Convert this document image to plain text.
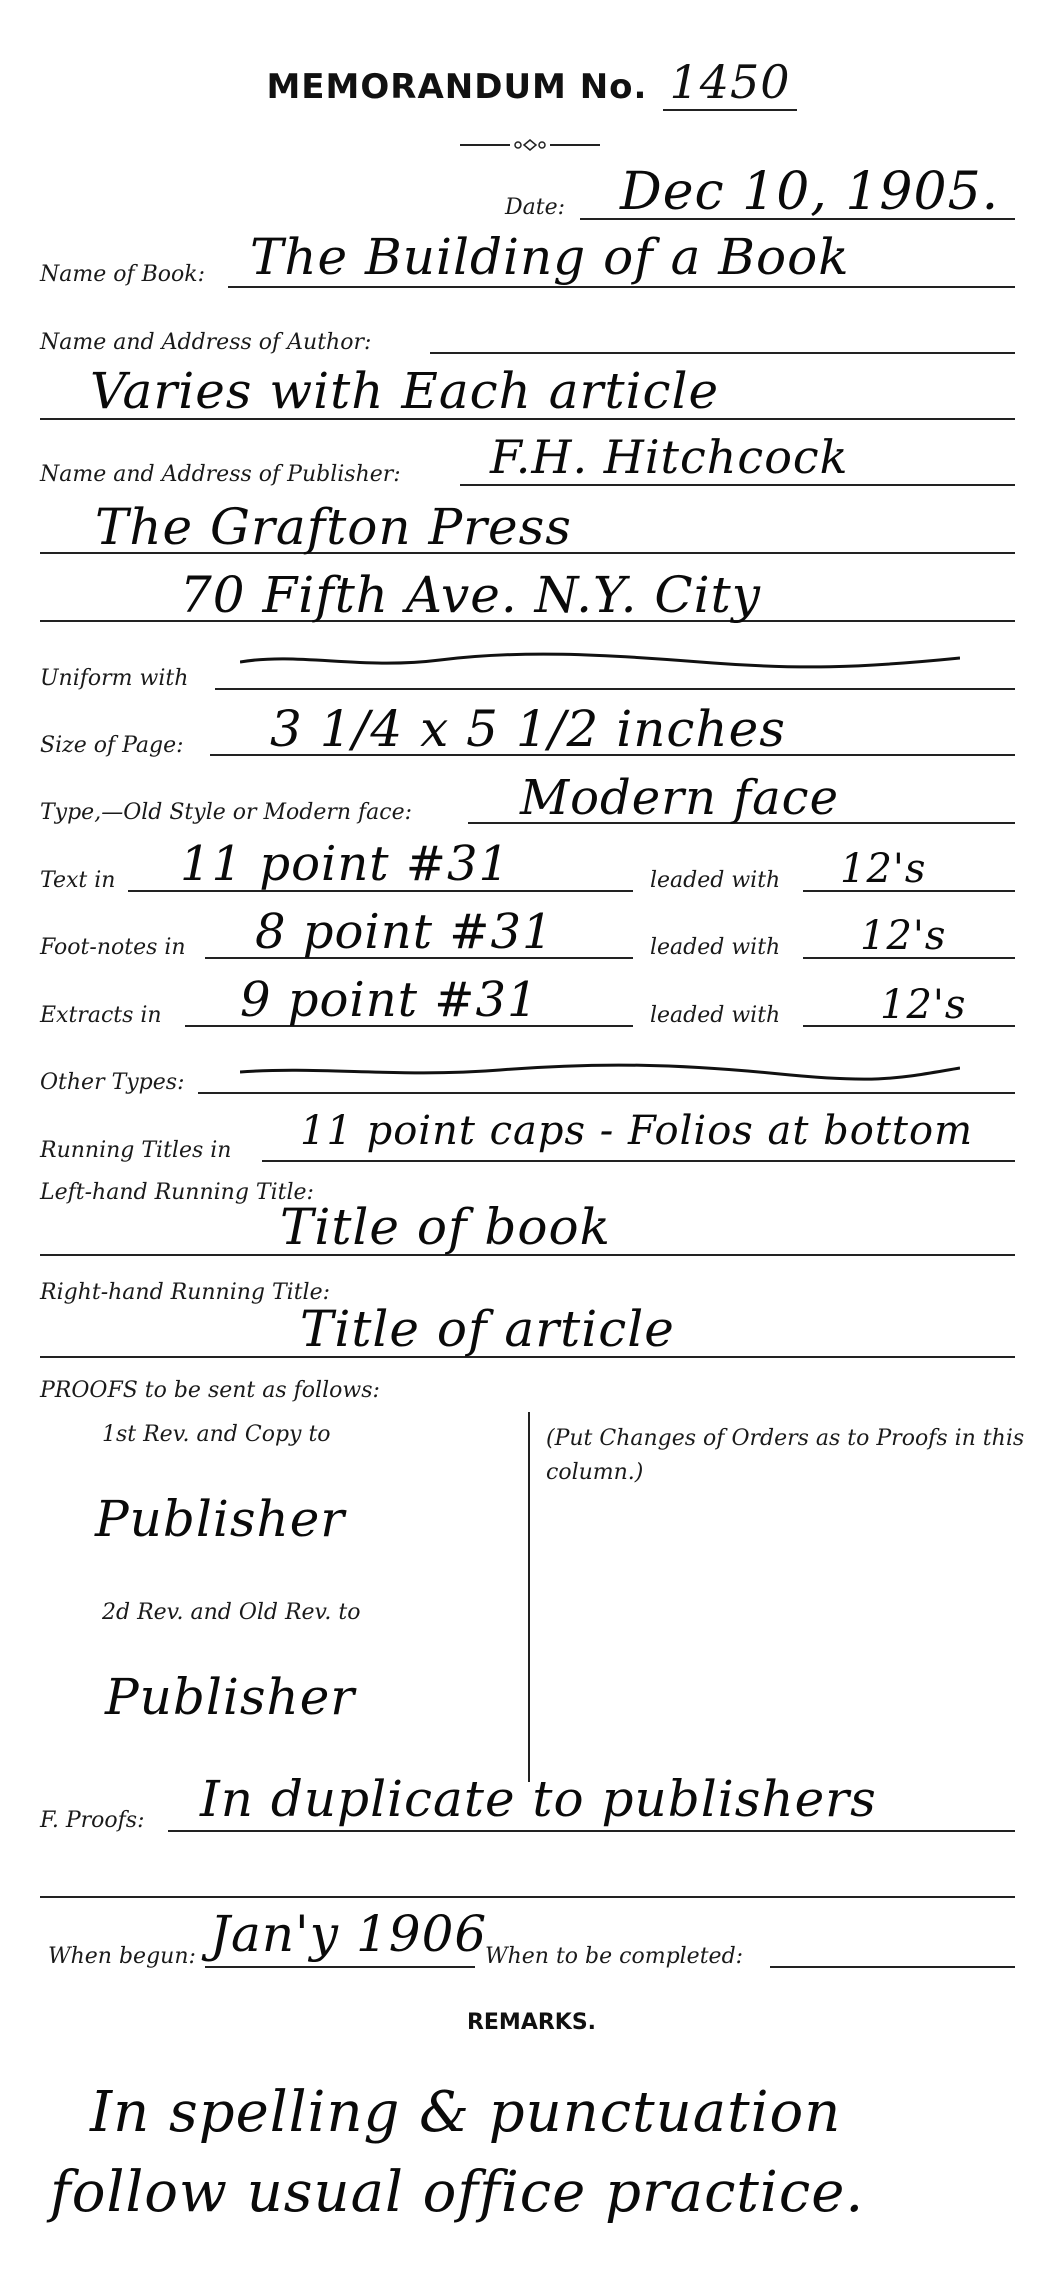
MEMORANDUM No. 1450
Date: Dec 10, 1905.
Name of Book: The Building of a Book
Name and Address of Author:
Varies with Each article
Name and Address of Publisher: F.H. Hitchcock
The Grafton Press
70 Fifth Ave. N.Y. City
Uniform with
Size of Page: 3 1/4 x 5 1/2 inches
Type,—Old Style or Modern face: Modern face
Text in 11 point #31	leaded with 12's
Foot-notes in 8 point #31	leaded with 12's
Extracts in 9 point #31	leaded with 12's
Other Types:
Running Titles in 11 point caps - Folios at bottom
Left-hand Running Title:
Title of book
Right-hand Running Title:
Title of article
PROOFS to be sent as follows:
1st Rev. and Copy to
Publisher
2d Rev. and Old Rev. to
Publisher
(Put Changes of Orders as to Proofs in this column.)
F. Proofs: In duplicate to publishers
When begun: Jan'y 1906
When to be completed:
REMARKS.
In spelling & punctuation
follow usual office practice.
